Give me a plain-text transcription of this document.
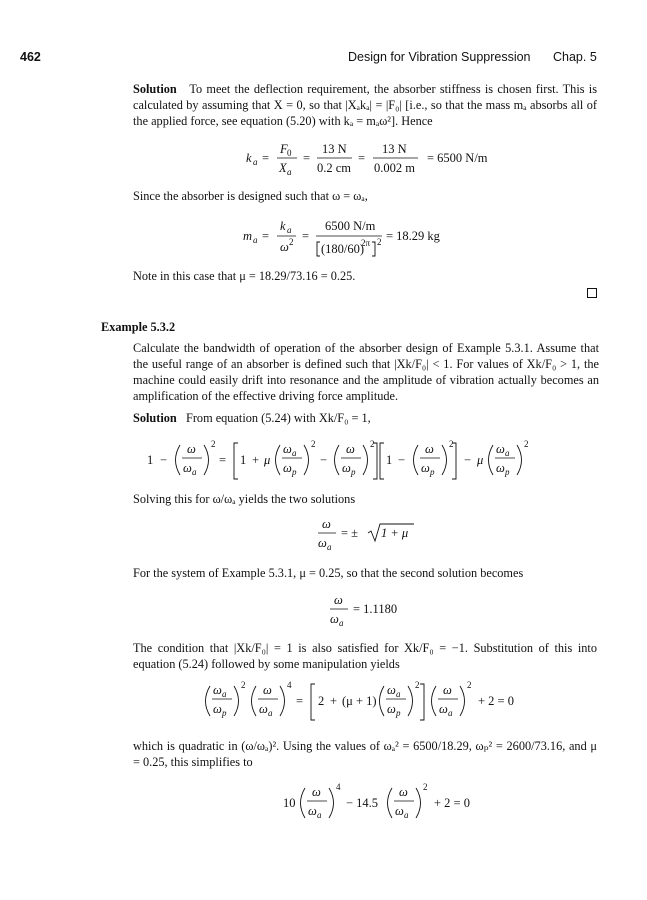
462	Design for Vibration Suppression Chap. 5

Solution To meet the deflection requirement, the absorber stiffness is chosen first. This is calculated by assuming that X = 0, so that |Xₐkₐ| = |F₀| [i.e., so that the mass mₐ absorbs all of the applied force, see equation (5.20) with kₐ = mₐω²]. Hence

k a =
F 0
X a
=
13 N
0.2 cm
=
13 N
0.002 m
= 6500 N/m

Since the absorber is designed such that ω = ωₐ,

m a =
k a
ω 2 =
6500 N/m
(180/60)
2π 2 = 18.29 kg

Note in this case that μ = 18.29/73.16 = 0.25.

Example 5.3.2

Calculate the bandwidth of operation of the absorber design of Example 5.3.1. Assume that the useful range of an absorber is defined such that |Xk/F₀| < 1. For values of Xk/F₀ > 1, the machine could easily drift into resonance and the amplitude of vibration actually becomes an amplification of the effective driving force amplitude.

Solution From equation (5.24) with Xk/F₀ = 1,

1 −
ω
ω a
2
= 1 + μ
ω a
ω p
2
−
ω
ω p
2
1 −
ω
ω p
2
− μ
ω a
ω p
2

Solving this for ω/ωₐ yields the two solutions

ω
ω a
= ± 1 + μ

For the system of Example 5.3.1, μ = 0.25, so that the second solution becomes

ω
ω a
= 1.1180

The condition that |Xk/F₀| = 1 is also satisfied for Xk/F₀ = −1. Substitution of this into equation (5.24) followed by some manipulation yields

ω a
ω p
2 ω
ω a
4
= 2 + (μ + 1)
ω a
ω p
2 ω
ω a
2
+ 2 = 0

which is quadratic in (ω/ωₐ)². Using the values of ωₐ² = 6500/18.29, ωₚ² = 2600/73.16, and μ = 0.25, this simplifies to

10
ω
ω a
4
− 14.5
ω
ω a
2
+ 2 = 0
